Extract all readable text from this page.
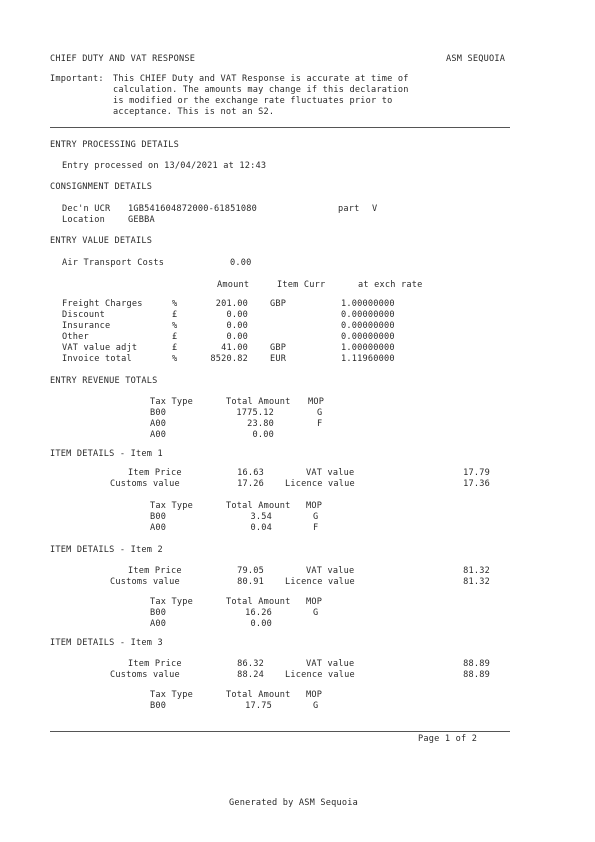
CHIEF DUTY AND VAT RESPONSE	ASM SEQUOIA
Important: This CHIEF Duty and VAT Response is accurate at time of
calculation. The amounts may change if this declaration
is modified or the exchange rate fluctuates prior to
acceptance. This is not an S2.
ENTRY PROCESSING DETAILS
Entry processed on 13/04/2021 at 12:43
CONSIGNMENT DETAILS
Dec'n UCR 1GB541604872000-61851080	part V
Location	GEBBA
ENTRY VALUE DETAILS
Air Transport Costs	0.00
Amount	Item Curr	at exch rate
Freight Charges	%	201.00	GBP	1.00000000
Discount	£	0.00	0.00000000
Insurance	%	0.00	0.00000000
Other	£	0.00	0.00000000
VAT value adjt	£	41.00	GBP	1.00000000
Invoice total	%	8520.82	EUR	1.11960000
ENTRY REVENUE TOTALS
Tax Type	Total Amount MOP
B00	1775.12	G
A00	23.80	F
A00	0.00
ITEM DETAILS - Item 1
Item Price	16.63	VAT value	17.79
Customs value	17.26 Licence value	17.36
Tax Type	Total Amount MOP
B00	3.54	G
A00	0.04	F
ITEM DETAILS - Item 2
Item Price	79.05	VAT value	81.32
Customs value	80.91 Licence value	81.32
Tax Type	Total Amount MOP
B00	16.26	G
A00	0.00
ITEM DETAILS - Item 3
Item Price	86.32	VAT value	88.89
Customs value	88.24 Licence value	88.89
Tax Type	Total Amount MOP
B00	17.75	G
Page 1 of 2
Generated by ASM Sequoia
